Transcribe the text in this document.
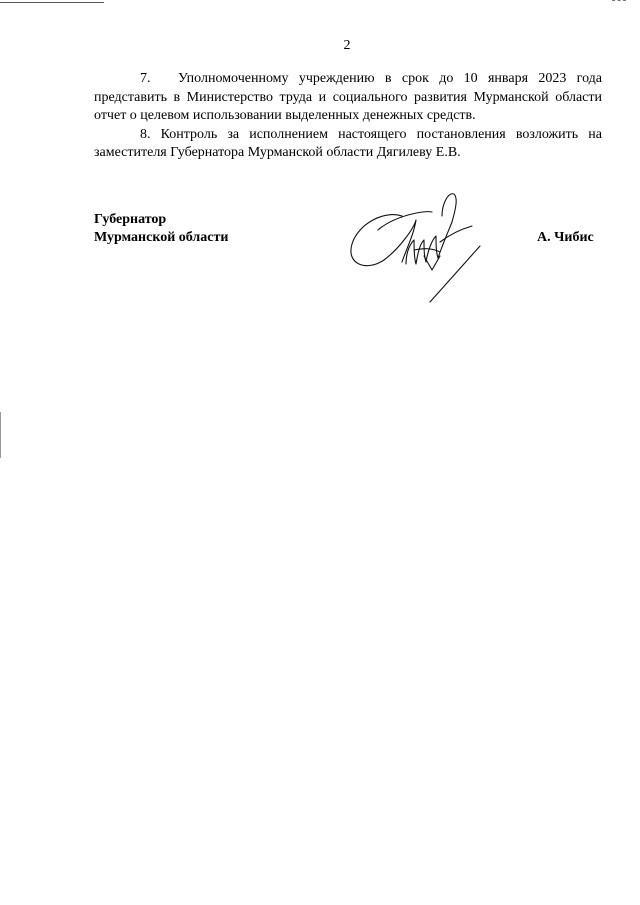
2

7. Уполномоченному учреждению в срок до 10 января 2023 года представить в Министерство труда и социального развития Мурманской области отчет о целевом использовании выделенных денежных средств.

8. Контроль за исполнением настоящего постановления возложить на заместителя Губернатора Мурманской области Дягилеву Е.В.

Губернатор
Мурманской области	А. Чибис
